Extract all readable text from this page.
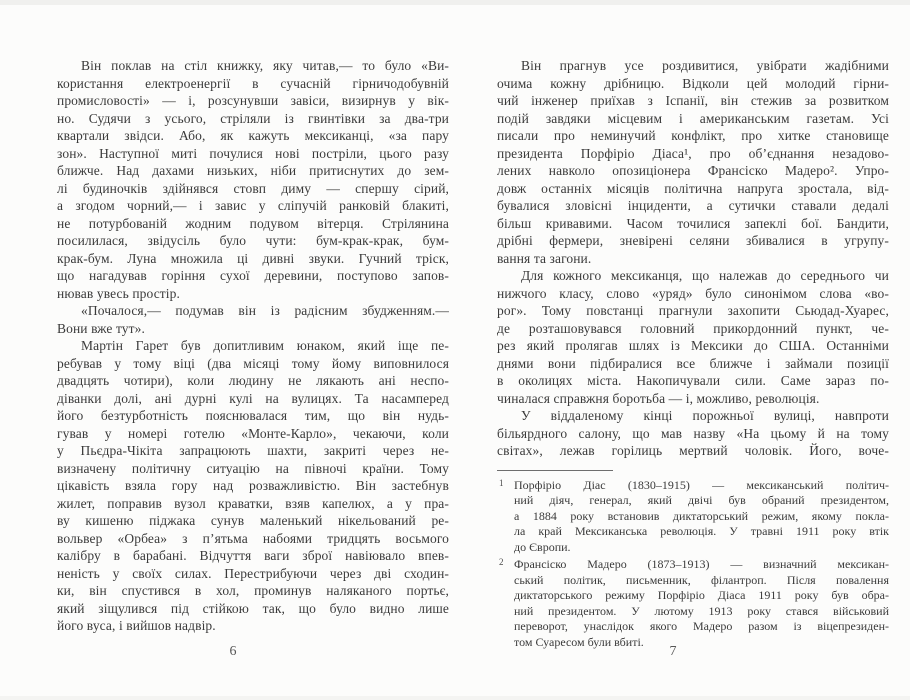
Він поклав на стіл книжку, яку читав,— то було «Ви-
користання електроенергії в сучасній гірничодобувній
промисловості» — і, розсунувши завіси, визирнув у вік-
но. Судячи з усього, стріляли із гвинтівки за два-три
квартали звідси. Або, як кажуть мексиканці, «за пару
зон». Наступної миті почулися нові постріли, цього разу
ближче. Над дахами низьких, ніби притиснутих до зем-
лі будиночків здійнявся стовп диму — спершу сірий,
а згодом чорний,— і завис у сліпучій ранковій блакиті,
не потурбованій жодним подувом вітерця. Стрілянина
посилилася, звідусіль було чути: бум-крак-крак, бум-
крак-бум. Луна множила ці дивні звуки. Гучний тріск,
що нагадував горіння сухої деревини, поступово запов-
нював увесь простір.
«Почалося,— подумав він із радісним збудженням.—
Вони вже тут».
Мартін Гарет був допитливим юнаком, який іще пе-
ребував у тому віці (два місяці тому йому виповнилося
двадцять чотири), коли людину не лякають ані неспо-
діванки долі, ані дурні кулі на вулицях. Та насамперед
його безтурботність пояснювалася тим, що він нудь-
гував у номері готелю «Монте-Карло», чекаючи, коли
у Пьєдра-Чікіта запрацюють шахти, закриті через не-
визначену політичну ситуацію на півночі країни. Тому
цікавість взяла гору над розважливістю. Він застебнув
жилет, поправив вузол краватки, взяв капелюх, а у пра-
ву кишеню піджака сунув маленький нікельований ре-
вольвер «Орбеа» з п’ятьма набоями тридцять восьмого
калібру в барабані. Відчуття ваги зброї навіювало впев-
неність у своїх силах. Перестрибуючи через дві сходин-
ки, він спустився в хол, проминув наляканого портьє,
який зіщулився під стійкою так, що було видно лише
його вуса, і вийшов надвір.
Він прагнув усе роздивитися, увібрати жадібними
очима кожну дрібницю. Відколи цей молодий гірни-
чий інженер приїхав з Іспанії, він стежив за розвитком
подій завдяки місцевим і американським газетам. Усі
писали про неминучий конфлікт, про хитке становище
президента Порфіріо Діаса¹, про об’єднання незадово-
лених навколо опозиціонера Франсіско Мадеро². Упро-
довж останніх місяців політична напруга зростала, від-
бувалися зловісні інциденти, а сутички ставали дедалі
більш кривавими. Часом точилися запеклі бої. Бандити,
дрібні фермери, зневірені селяни збивалися в угрупу-
вання та загони.
Для кожного мексиканця, що належав до середнього чи
нижчого класу, слово «уряд» було синонімом слова «во-
рог». Тому повстанці прагнули захопити Сьюдад-Хуарес,
де розташовувався головний прикордонний пункт, че-
рез який пролягав шлях із Мексики до США. Останніми
днями вони підбиралися все ближче і займали позиції
в околицях міста. Накопичували сили. Саме зараз по-
чиналася справжня боротьба — і, можливо, революція.
У віддаленому кінці порожньої вулиці, навпроти
більярдного салону, що мав назву «На цьому й на тому
світах», лежав горілиць мертвий чоловік. Його, воче-
1 Порфіріо Діас (1830–1915) — мексиканський політич-
ний діяч, генерал, який двічі був обраний президентом,
а 1884 року встановив диктаторський режим, якому покла-
ла край Мексиканська революція. У травні 1911 року втік
до Європи.
2 Франсіско Мадеро (1873–1913) — визначний мексикан-
ський політик, письменник, філантроп. Після повалення
диктаторського режиму Порфіріо Діаса 1911 року був обра-
ний президентом. У лютому 1913 року стався військовий
переворот, унаслідок якого Мадеро разом із віцепрезиден-
том Суаресом були вбиті.
6	7
